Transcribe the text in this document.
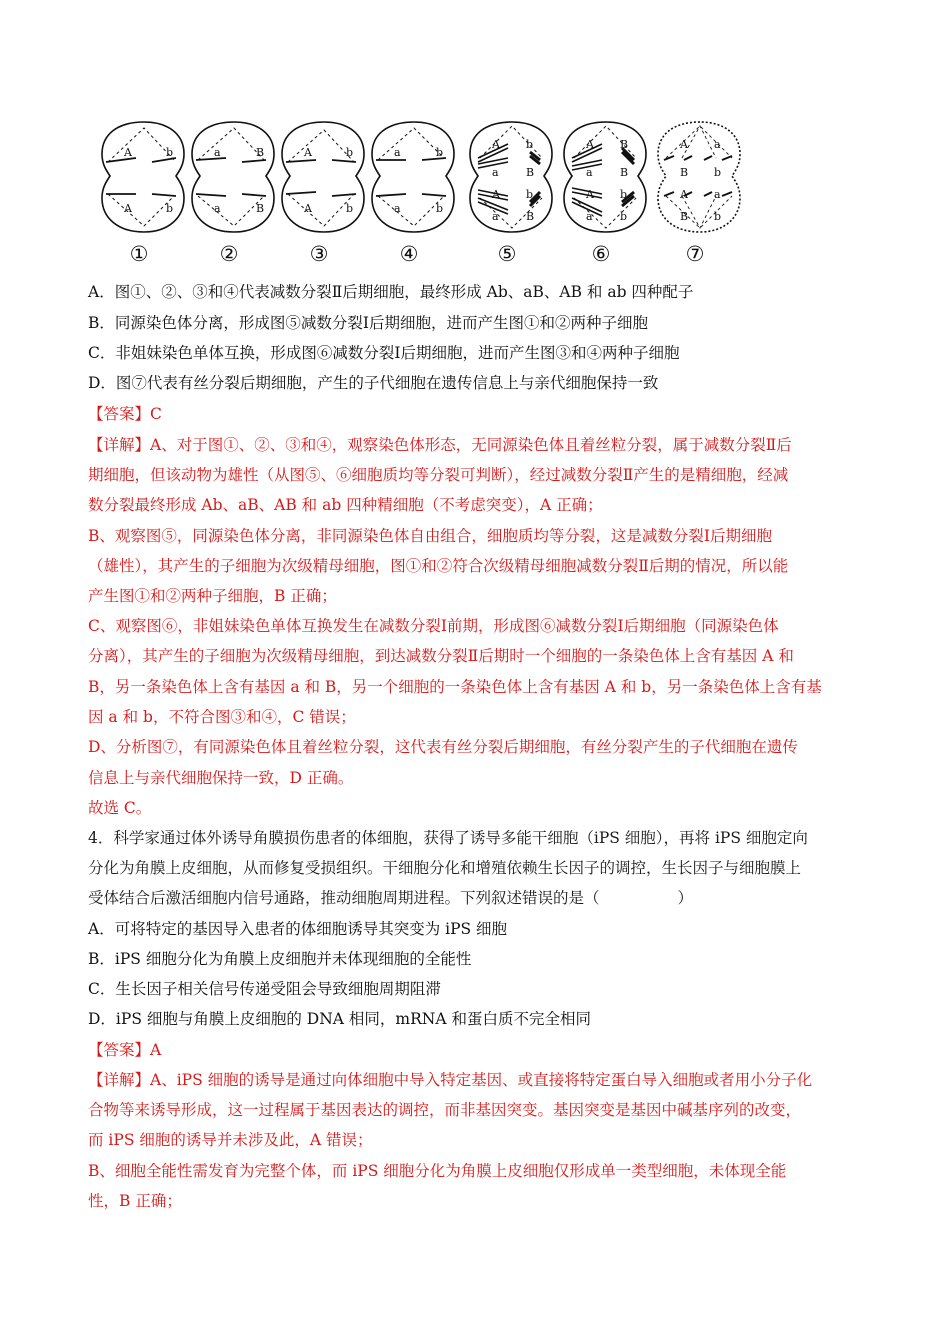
A	b
A	b
①
a	B
a	B
②
A	b
A	b
③
a	b
a	b
④
A b
a B
A b
a B
⑤
A B
a B
A b
a b
⑥
A a
B b
A a
B b
⑦
A．图①、②、③和④代表减数分裂Ⅱ后期细胞，最终形成 Ab、aB、AB 和 ab 四种配子
B．同源染色体分离，形成图⑤减数分裂Ⅰ后期细胞，进而产生图①和②两种子细胞
C．非姐妹染色单体互换，形成图⑥减数分裂Ⅰ后期细胞，进而产生图③和④两种子细胞
D．图⑦代表有丝分裂后期细胞，产生的子代细胞在遗传信息上与亲代细胞保持一致
【答案】C
【详解】A、对于图①、②、③和④，观察染色体形态，无同源染色体且着丝粒分裂，属于减数分裂Ⅱ后
期细胞，但该动物为雄性（从图⑤、⑥细胞质均等分裂可判断），经过减数分裂Ⅱ产生的是精细胞，经减
数分裂最终形成 Ab、aB、AB 和 ab 四种精细胞（不考虑突变），A 正确；
B、观察图⑤，同源染色体分离，非同源染色体自由组合，细胞质均等分裂，这是减数分裂Ⅰ后期细胞
（雄性），其产生的子细胞为次级精母细胞，图①和②符合次级精母细胞减数分裂Ⅱ后期的情况，所以能
产生图①和②两种子细胞，B 正确；
C、观察图⑥，非姐妹染色单体互换发生在减数分裂Ⅰ前期，形成图⑥减数分裂Ⅰ后期细胞（同源染色体
分离），其产生的子细胞为次级精母细胞，到达减数分裂Ⅱ后期时一个细胞的一条染色体上含有基因 A 和
B，另一条染色体上含有基因 a 和 B，另一个细胞的一条染色体上含有基因 A 和 b，另一条染色体上含有基
因 a 和 b，不符合图③和④，C 错误；
D、分析图⑦，有同源染色体且着丝粒分裂，这代表有丝分裂后期细胞，有丝分裂产生的子代细胞在遗传
信息上与亲代细胞保持一致，D 正确。
故选 C。
4．科学家通过体外诱导角膜损伤患者的体细胞，获得了诱导多能干细胞（iPS 细胞），再将 iPS 细胞定向
分化为角膜上皮细胞，从而修复受损组织。干细胞分化和增殖依赖生长因子的调控，生长因子与细胞膜上
受体结合后激活细胞内信号通路，推动细胞周期进程。下列叙述错误的是（	）
A．可将特定的基因导入患者的体细胞诱导其突变为 iPS 细胞
B．iPS 细胞分化为角膜上皮细胞并未体现细胞的全能性
C．生长因子相关信号传递受阻会导致细胞周期阻滞
D．iPS 细胞与角膜上皮细胞的 DNA 相同，mRNA 和蛋白质不完全相同
【答案】A
【详解】A、iPS 细胞的诱导是通过向体细胞中导入特定基因、或直接将特定蛋白导入细胞或者用小分子化
合物等来诱导形成，这一过程属于基因表达的调控，而非基因突变。基因突变是基因中碱基序列的改变，
而 iPS 细胞的诱导并未涉及此，A 错误；
B、细胞全能性需发育为完整个体，而 iPS 细胞分化为角膜上皮细胞仅形成单一类型细胞，未体现全能
性，B 正确；
